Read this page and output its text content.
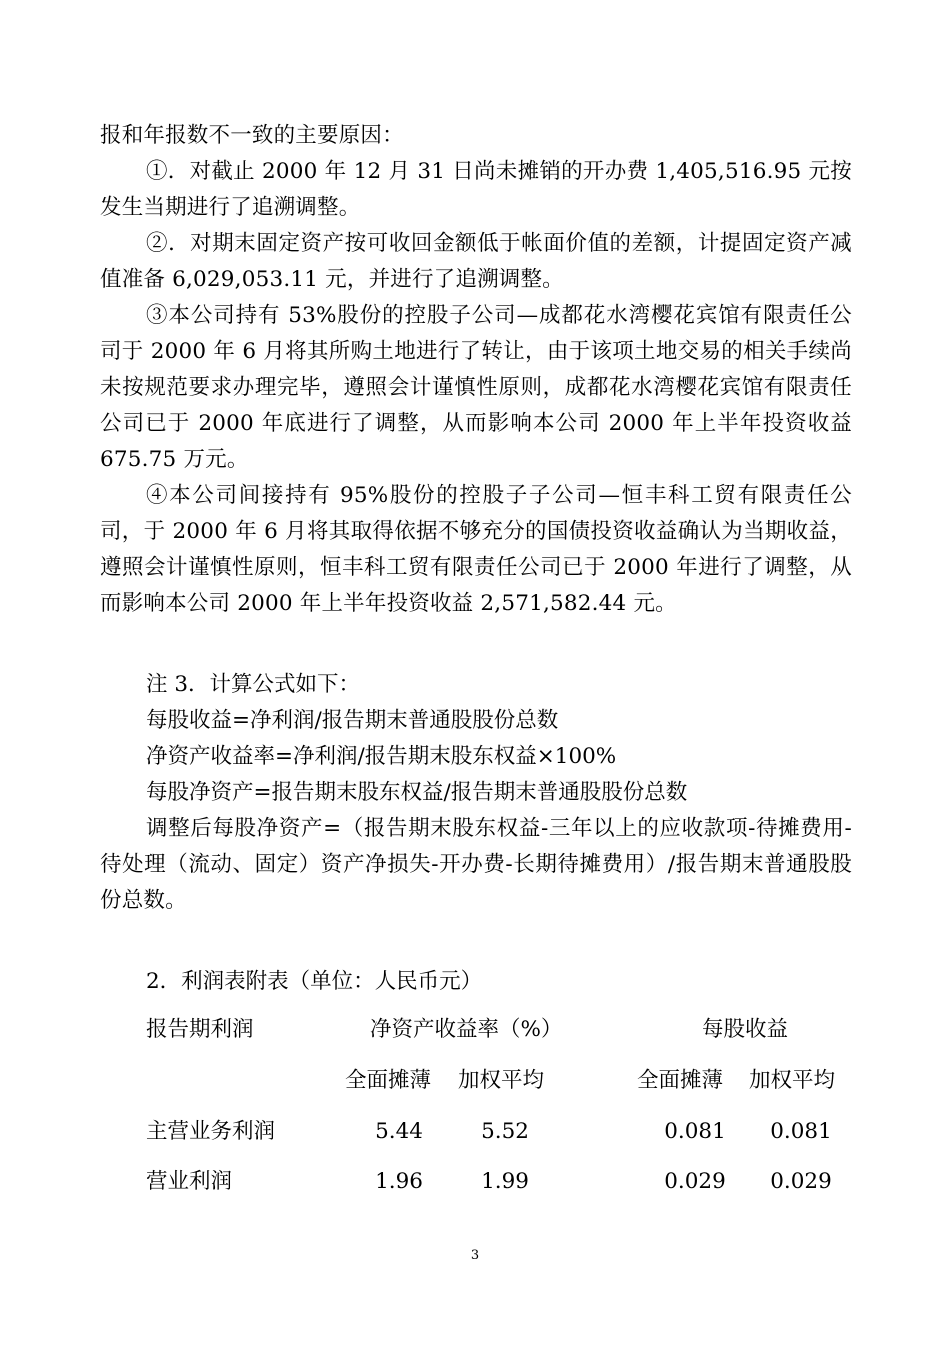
报和年报数不一致的主要原因：

①．对截止 2000 年 12 月 31 日尚未摊销的开办费 1,405,516.95 元按发生当期进行了追溯调整。

②．对期末固定资产按可收回金额低于帐面价值的差额，计提固定资产减值准备 6,029,053.11 元，并进行了追溯调整。

③本公司持有 53%股份的控股子公司—成都花水湾樱花宾馆有限责任公司于 2000 年 6 月将其所购土地进行了转让，由于该项土地交易的相关手续尚未按规范要求办理完毕，遵照会计谨慎性原则，成都花水湾樱花宾馆有限责任公司已于 2000 年底进行了调整，从而影响本公司 2000 年上半年投资收益 675.75 万元。

④本公司间接持有 95%股份的控股子子公司—恒丰科工贸有限责任公司，于 2000 年 6 月将其取得依据不够充分的国债投资收益确认为当期收益，遵照会计谨慎性原则，恒丰科工贸有限责任公司已于 2000 年进行了调整，从而影响本公司 2000 年上半年投资收益 2,571,582.44 元。

注 3．计算公式如下：
每股收益=净利润/报告期末普通股股份总数
净资产收益率=净利润/报告期末股东权益×100%
每股净资产=报告期末股东权益/报告期末普通股股份总数

调整后每股净资产=（报告期末股东权益-三年以上的应收款项-待摊费用-待处理（流动、固定）资产净损失-开办费-长期待摊费用）/报告期末普通股股份总数。

2．利润表附表（单位：人民币元）
报告期利润	净资产收益率（%）	每股收益
全面摊薄 加权平均	全面摊薄 加权平均
主营业务利润	5.44	5.52	0.081	0.081
营业利润	1.96	1.99	0.029	0.029
3
